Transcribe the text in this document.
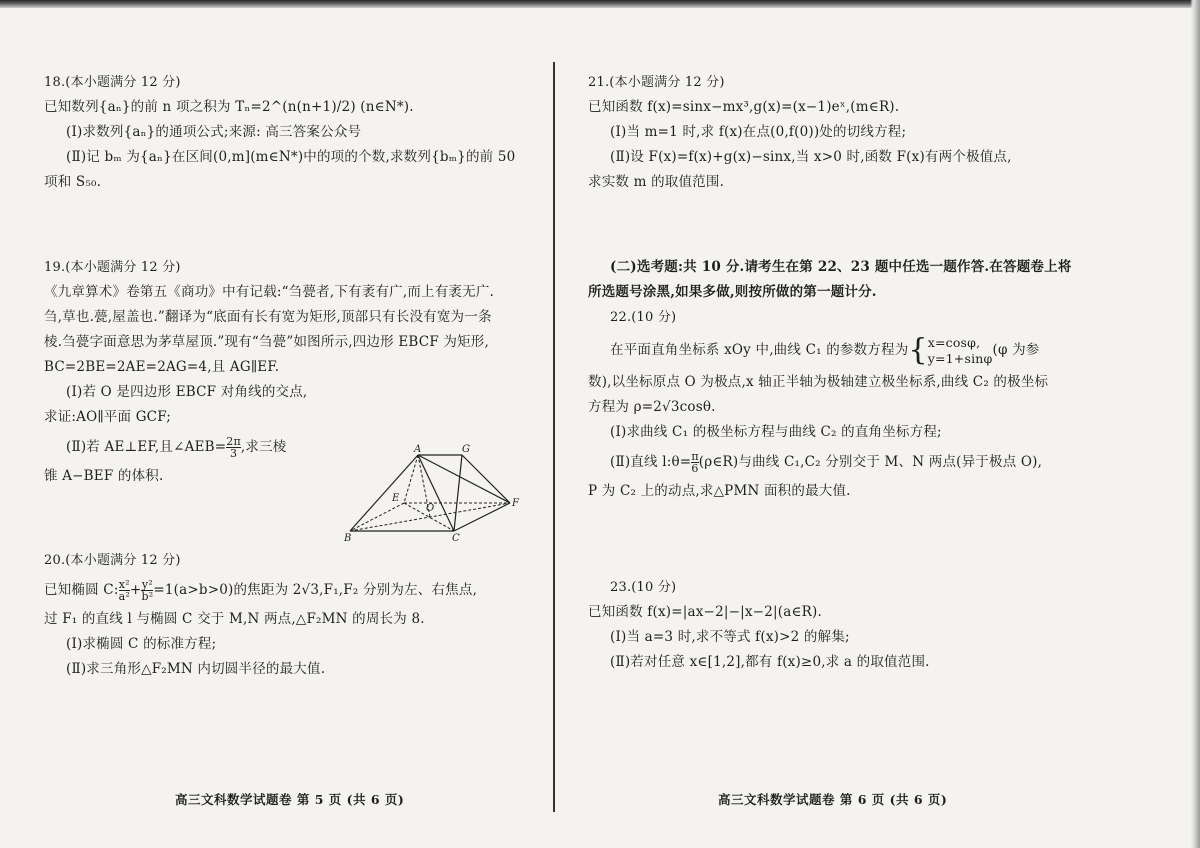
18.(本小题满分 12 分)
已知数列{aₙ}的前 n 项之积为 Tₙ=2^(n(n+1)/2) (n∈N*).
(Ⅰ)求数列{aₙ}的通项公式;来源: 高三答案公众号
(Ⅱ)记 bₘ 为{aₙ}在区间(0,m](m∈N*)中的项的个数,求数列{bₘ}的前 50
项和 S₅₀.
19.(本小题满分 12 分)
《九章算术》卷第五《商功》中有记载:“刍甍者,下有袤有广,而上有袤无广.
刍,草也.甍,屋盖也.”翻译为“底面有长有宽为矩形,顶部只有长没有宽为一条
棱.刍甍字面意思为茅草屋顶.”现有“刍甍”如图所示,四边形 EBCF 为矩形,
BC=2BE=2AE=2AG=4,且 AG∥EF.
(Ⅰ)若 O 是四边形 EBCF 对角线的交点,
求证:AO∥平面 GCF;
(Ⅱ)若 AE⊥EF,且∠AEB= $\frac{2\pi}{3}$ ,求三棱
锥 A−BEF 的体积.
A	G
E
O	F
B	C
20.(本小题满分 12 分)
已知椭圆 C: $\frac{\text{x²}}{\text{a²}} + \frac{\text{y²}}{\text{b²}} =1(a>b>0)$的焦距为 2√3,F₁,F₂ 分别为左、右焦点,
过 F₁ 的直线 l 与椭圆 C 交于 M,N 两点,△F₂MN 的周长为 8.
(Ⅰ)求椭圆 C 的标准方程;
(Ⅱ)求三角形△F₂MN 内切圆半径的最大值.
高三文科数学试题卷 第 5 页 (共 6 页)
21.(本小题满分 12 分)
已知函数 f(x)=sinx−mx³,g(x)=(x−1)eˣ,(m∈R).
(Ⅰ)当 m=1 时,求 f(x)在点(0,f(0))处的切线方程;
(Ⅱ)设 F(x)=f(x)+g(x)−sinx,当 x>0 时,函数 F(x)有两个极值点,
求实数 m 的取值范围.
(二)选考题:共 10 分.请考生在第 22、23 题中任选一题作答.在答题卷上将
所选题号涂黑,如果多做,则按所做的第一题计分.
22.(10 分)
在平面直角坐标系 xOy 中,曲线 C₁ 的参数方程为{ x=cosφ,
y=1+sinφ (φ 为参
数),以坐标原点 O 为极点,x 轴正半轴为极轴建立极坐标系,曲线 C₂ 的极坐标
方程为 ρ=2√3cosθ.
(Ⅰ)求曲线 C₁ 的极坐标方程与曲线 C₂ 的直角坐标方程;
(Ⅱ)直线 l:θ= $\frac{\pi}{6}$ (ρ∈R)与曲线 C₁,C₂ 分别交于 M、N 两点(异于极点 O),
P 为 C₂ 上的动点,求△PMN 面积的最大值.
23.(10 分)
已知函数 f(x)=|ax−2|−|x−2|(a∈R).
(Ⅰ)当 a=3 时,求不等式 f(x)>2 的解集;
(Ⅱ)若对任意 x∈[1,2],都有 f(x)≥0,求 a 的取值范围.
高三文科数学试题卷 第 6 页 (共 6 页)
